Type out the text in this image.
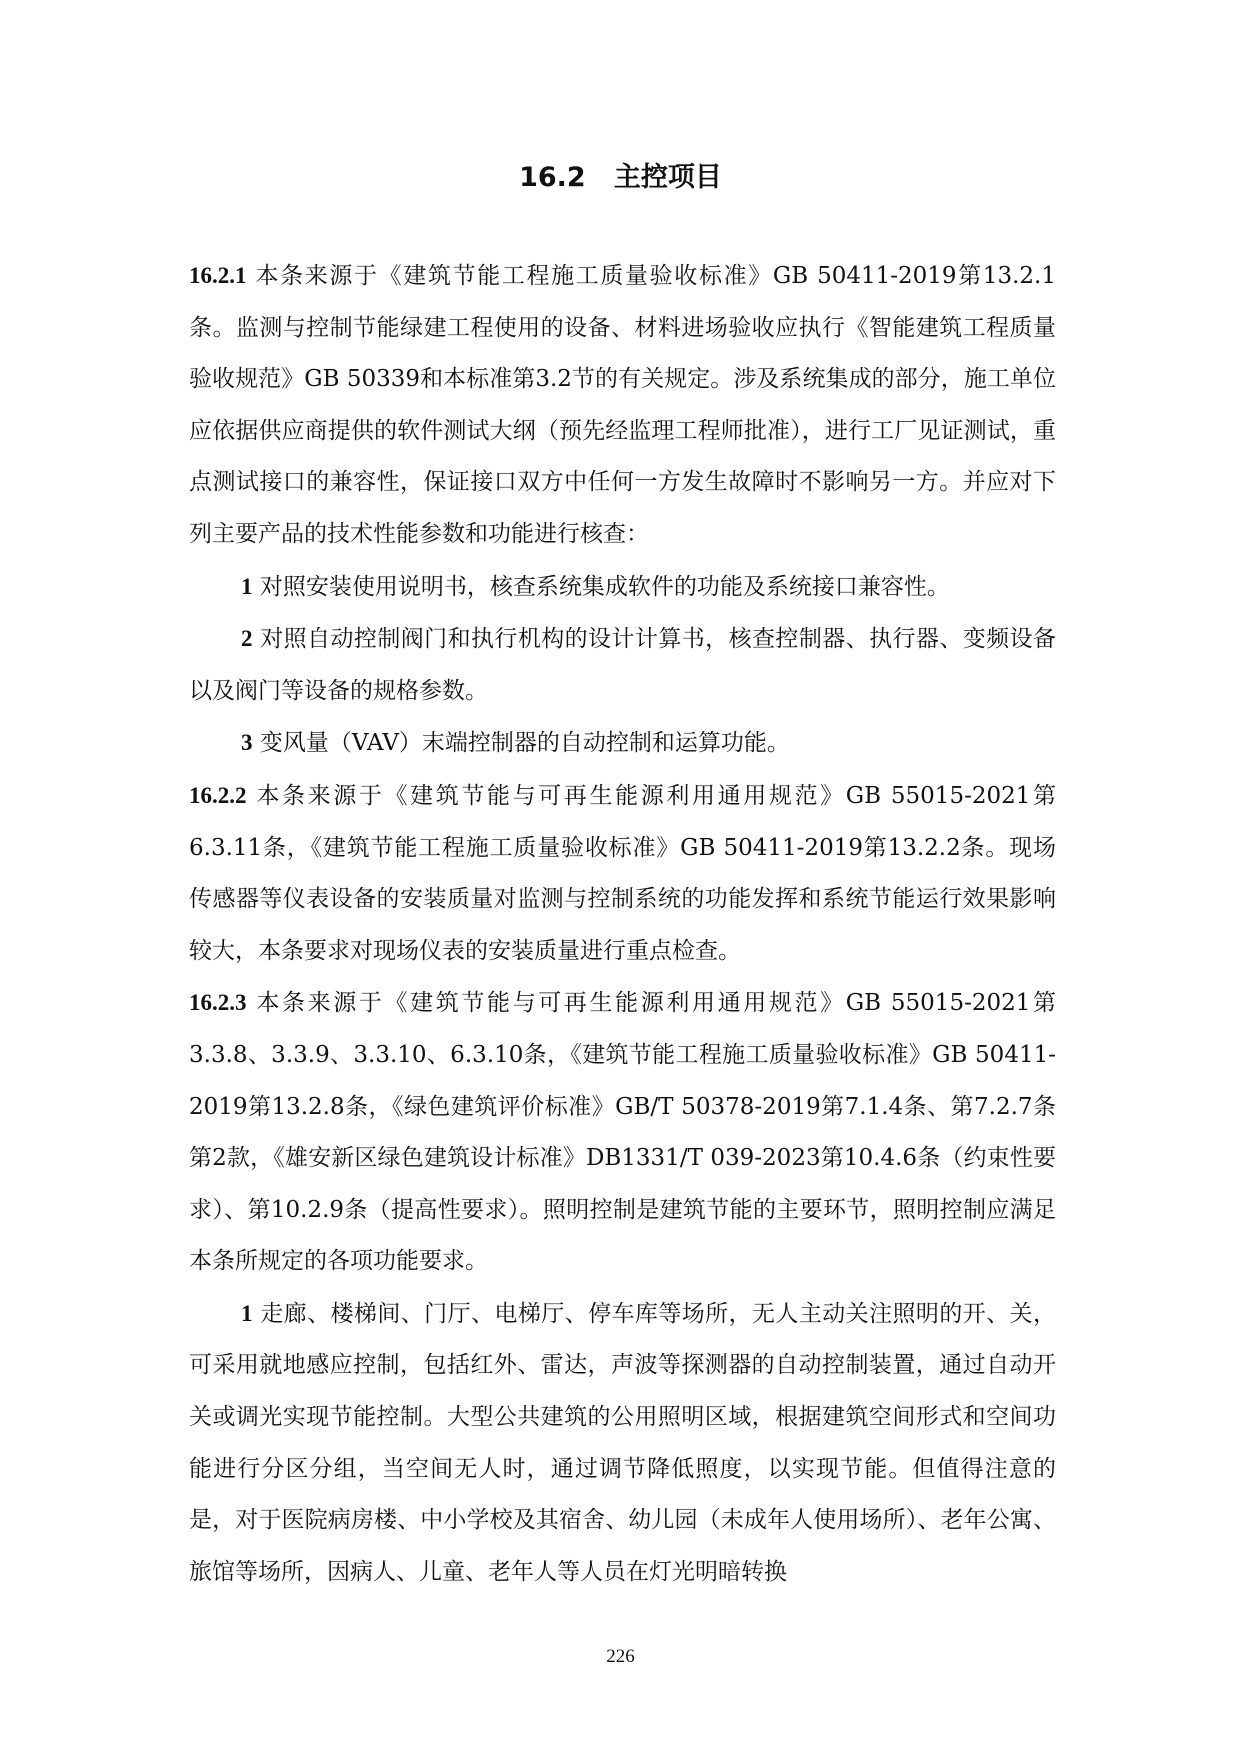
16.2 主控项目

16.2.1 本条来源于《建筑节能工程施工质量验收标准》GB 50411-2019第13.2.1条。监测与控制节能绿建工程使用的设备、材料进场验收应执行《智能建筑工程质量验收规范》GB 50339和本标准第3.2节的有关规定。涉及系统集成的部分，施工单位应依据供应商提供的软件测试大纲（预先经监理工程师批准），进行工厂见证测试，重点测试接口的兼容性，保证接口双方中任何一方发生故障时不影响另一方。并应对下列主要产品的技术性能参数和功能进行核查：

1 对照安装使用说明书，核查系统集成软件的功能及系统接口兼容性。

2 对照自动控制阀门和执行机构的设计计算书，核查控制器、执行器、变频设备以及阀门等设备的规格参数。

3 变风量（VAV）末端控制器的自动控制和运算功能。

16.2.2 本条来源于《建筑节能与可再生能源利用通用规范》GB 55015-2021第6.3.11条，《建筑节能工程施工质量验收标准》GB 50411-2019第13.2.2条。现场传感器等仪表设备的安装质量对监测与控制系统的功能发挥和系统节能运行效果影响较大，本条要求对现场仪表的安装质量进行重点检查。

16.2.3 本条来源于《建筑节能与可再生能源利用通用规范》GB 55015-2021第3.3.8、3.3.9、3.3.10、6.3.10条，《建筑节能工程施工质量验收标准》GB 50411-2019第13.2.8条，《绿色建筑评价标准》GB/T 50378-2019第7.1.4条、第7.2.7条第2款，《雄安新区绿色建筑设计标准》DB1331/T 039-2023第10.4.6条（约束性要求）、第10.2.9条（提高性要求）。照明控制是建筑节能的主要环节，照明控制应满足本条所规定的各项功能要求。

1 走廊、楼梯间、门厅、电梯厅、停车库等场所，无人主动关注照明的开、关，可采用就地感应控制，包括红外、雷达，声波等探测器的自动控制装置，通过自动开关或调光实现节能控制。大型公共建筑的公用照明区域，根据建筑空间形式和空间功能进行分区分组，当空间无人时，通过调节降低照度，以实现节能。但值得注意的是，对于医院病房楼、中小学校及其宿舍、幼儿园（未成年人使用场所）、老年公寓、旅馆等场所，因病人、儿童、老年人等人员在灯光明暗转换

226
